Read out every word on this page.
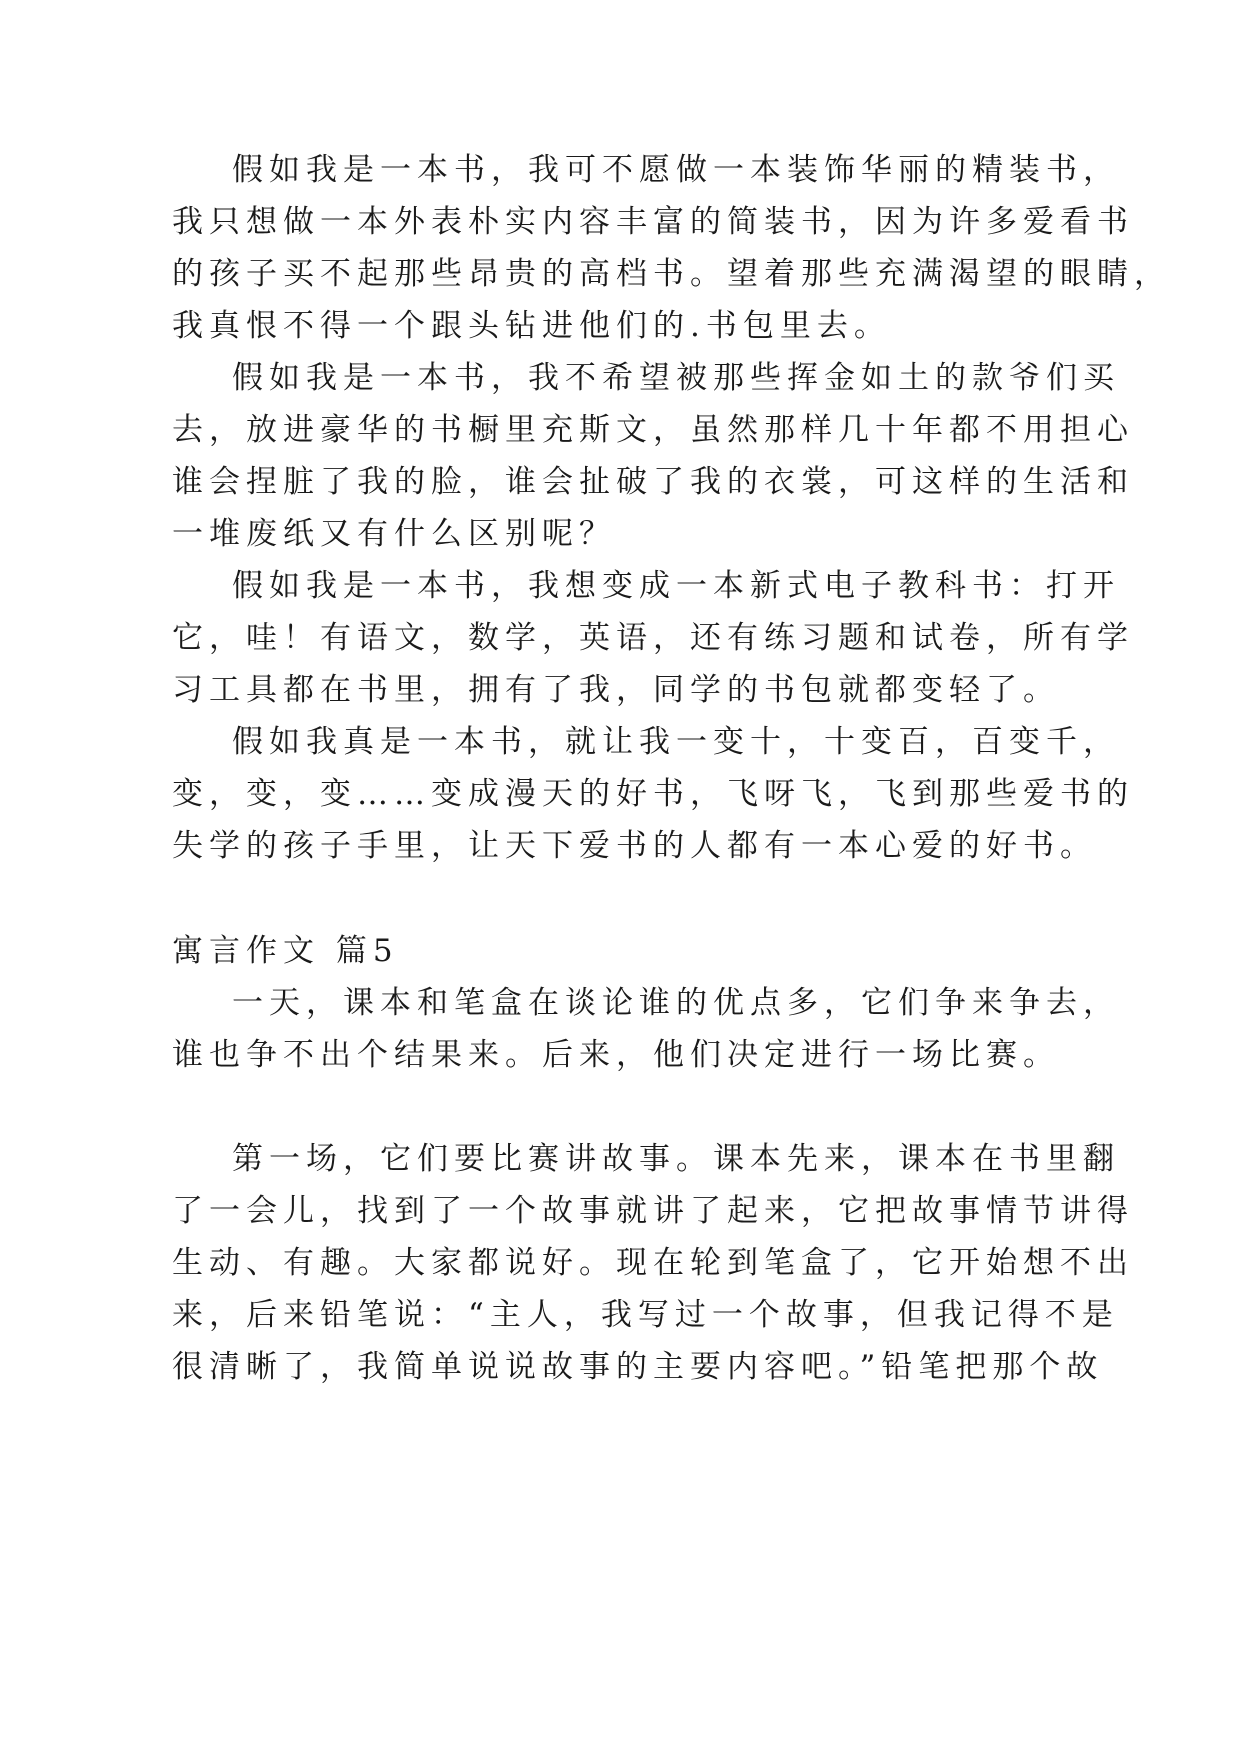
假如我是一本书，我可不愿做一本装饰华丽的精装书，
我只想做一本外表朴实内容丰富的简装书，因为许多爱看书
的孩子买不起那些昂贵的高档书。望着那些充满渴望的眼睛，
我真恨不得一个跟头钻进他们的.书包里去。
假如我是一本书，我不希望被那些挥金如土的款爷们买
去，放进豪华的书橱里充斯文，虽然那样几十年都不用担心
谁会捏脏了我的脸，谁会扯破了我的衣裳，可这样的生活和
一堆废纸又有什么区别呢？
假如我是一本书，我想变成一本新式电子教科书：打开
它，哇！有语文，数学，英语，还有练习题和试卷，所有学
习工具都在书里，拥有了我，同学的书包就都变轻了。
假如我真是一本书，就让我一变十，十变百，百变千，
变，变，变……变成漫天的好书，飞呀飞，飞到那些爱书的
失学的孩子手里，让天下爱书的人都有一本心爱的好书。
寓言作文 篇5
一天，课本和笔盒在谈论谁的优点多，它们争来争去，
谁也争不出个结果来。后来，他们决定进行一场比赛。
第一场，它们要比赛讲故事。课本先来，课本在书里翻
了一会儿，找到了一个故事就讲了起来，它把故事情节讲得
生动、有趣。大家都说好。现在轮到笔盒了，它开始想不出
来，后来铅笔说：“主人，我写过一个故事，但我记得不是
很清晰了，我简单说说故事的主要内容吧。”铅笔把那个故
